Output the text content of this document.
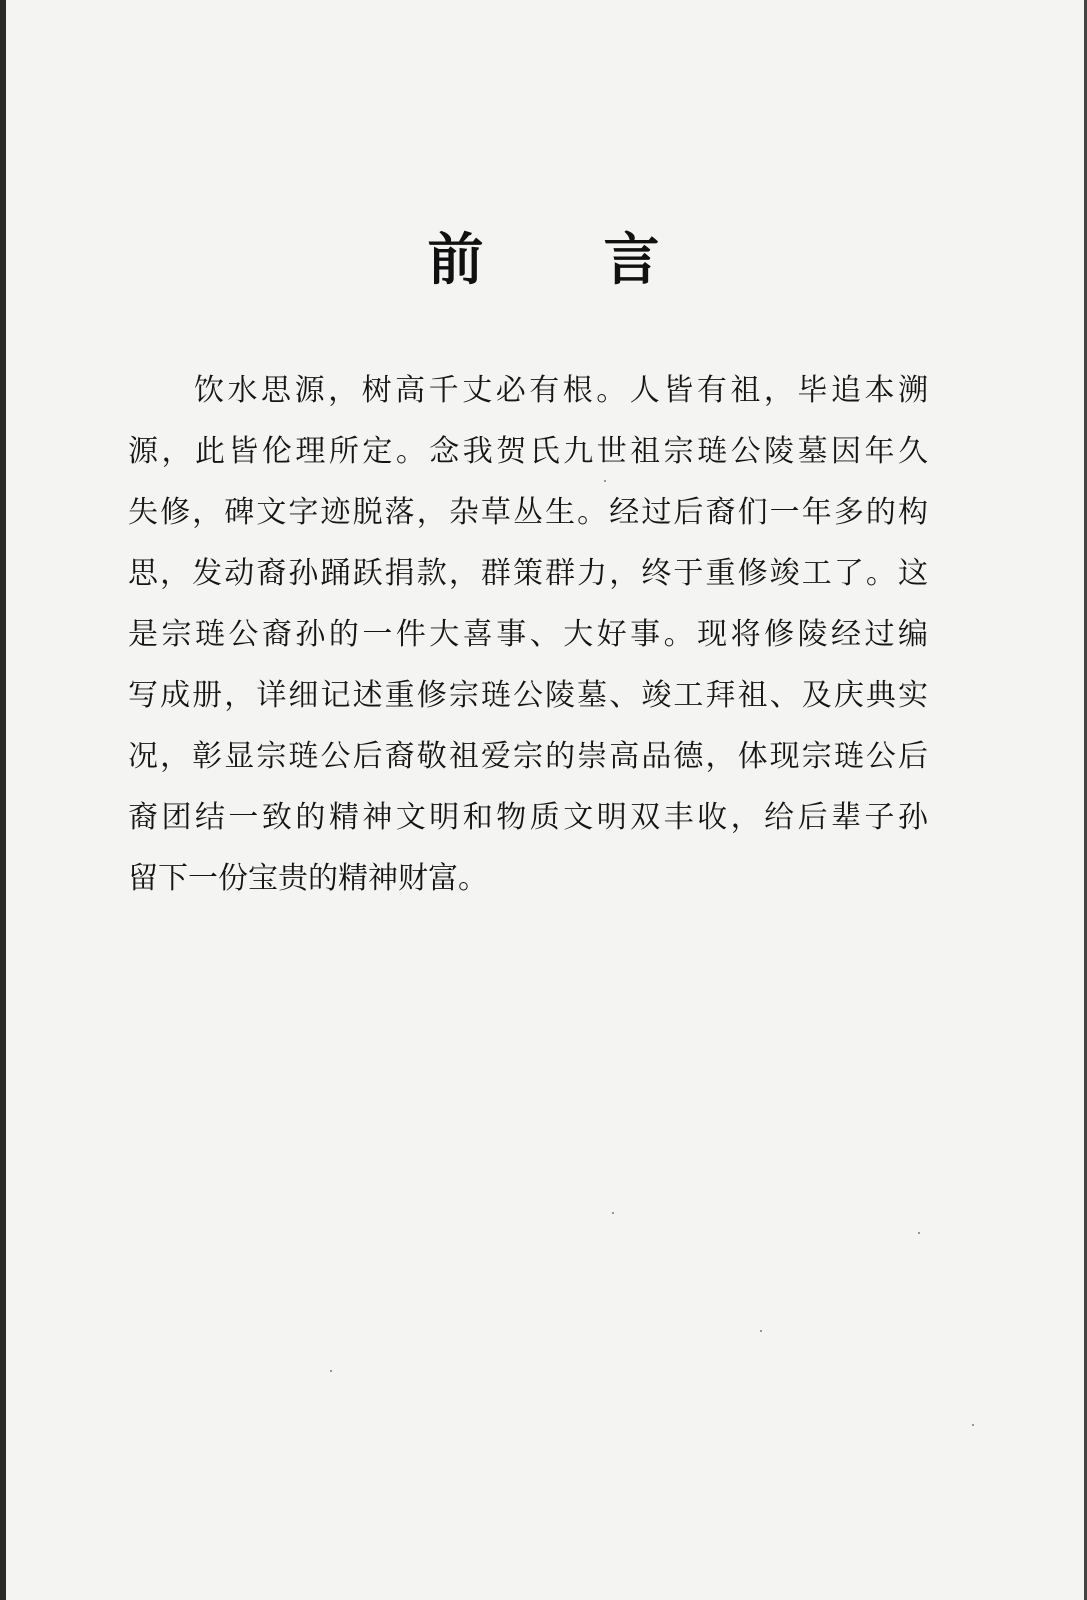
前言
饮水思源，树高千丈必有根。人皆有祖，毕追本溯
源，此皆伦理所定。念我贺氏九世祖宗琏公陵墓因年久
失修，碑文字迹脱落，杂草丛生。经过后裔们一年多的构
思，发动裔孙踊跃捐款，群策群力，终于重修竣工了。这
是宗琏公裔孙的一件大喜事、大好事。现将修陵经过编
写成册，详细记述重修宗琏公陵墓、竣工拜祖、及庆典实
况，彰显宗琏公后裔敬祖爱宗的崇高品德，体现宗琏公后
裔团结一致的精神文明和物质文明双丰收，给后辈子孙
留下一份宝贵的精神财富。
